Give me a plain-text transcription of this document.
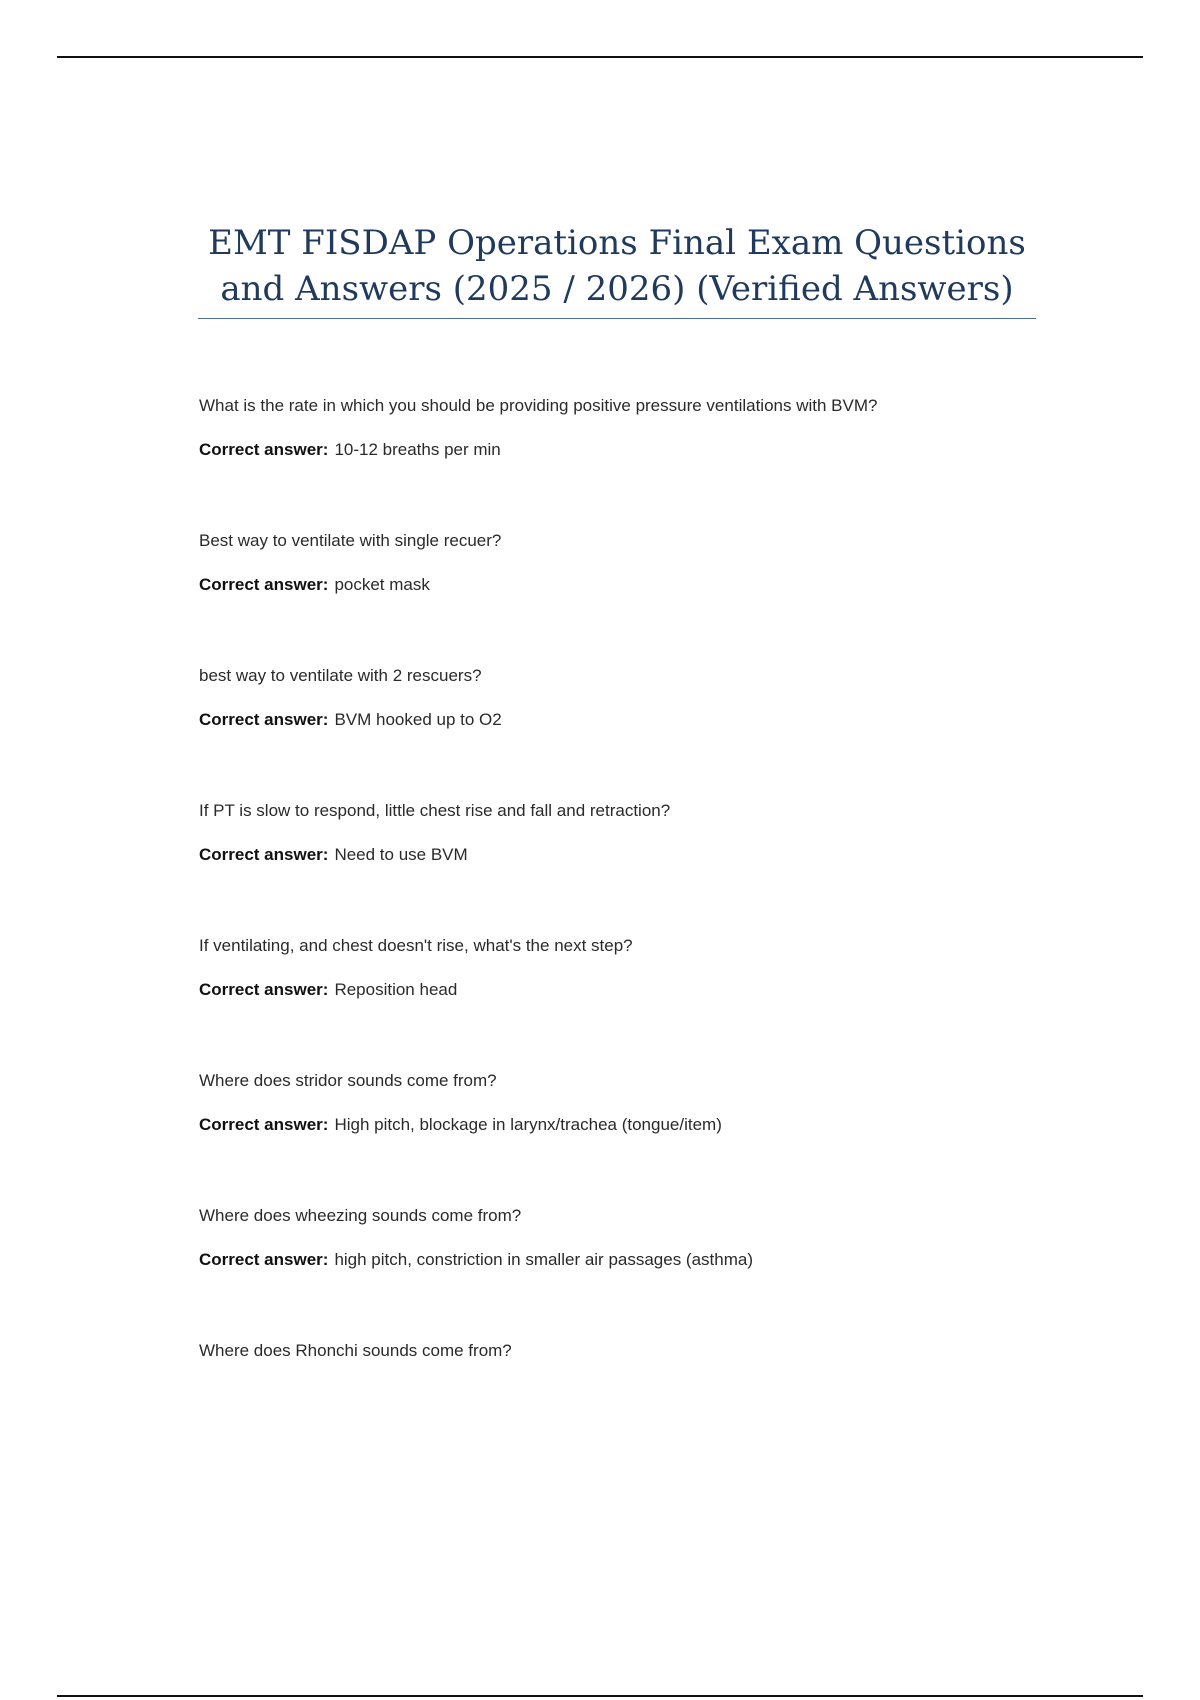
EMT FISDAP Operations Final Exam Questions
and Answers (2025 / 2026) (Verified Answers)
What is the rate in which you should be providing positive pressure ventilations with BVM?
Correct answer: 10-12 breaths per min
Best way to ventilate with single recuer?
Correct answer: pocket mask
best way to ventilate with 2 rescuers?
Correct answer: BVM hooked up to O2
If PT is slow to respond, little chest rise and fall and retraction?
Correct answer: Need to use BVM
If ventilating, and chest doesn't rise, what's the next step?
Correct answer: Reposition head
Where does stridor sounds come from?
Correct answer: High pitch, blockage in larynx/trachea (tongue/item)
Where does wheezing sounds come from?
Correct answer: high pitch, constriction in smaller air passages (asthma)
Where does Rhonchi sounds come from?
